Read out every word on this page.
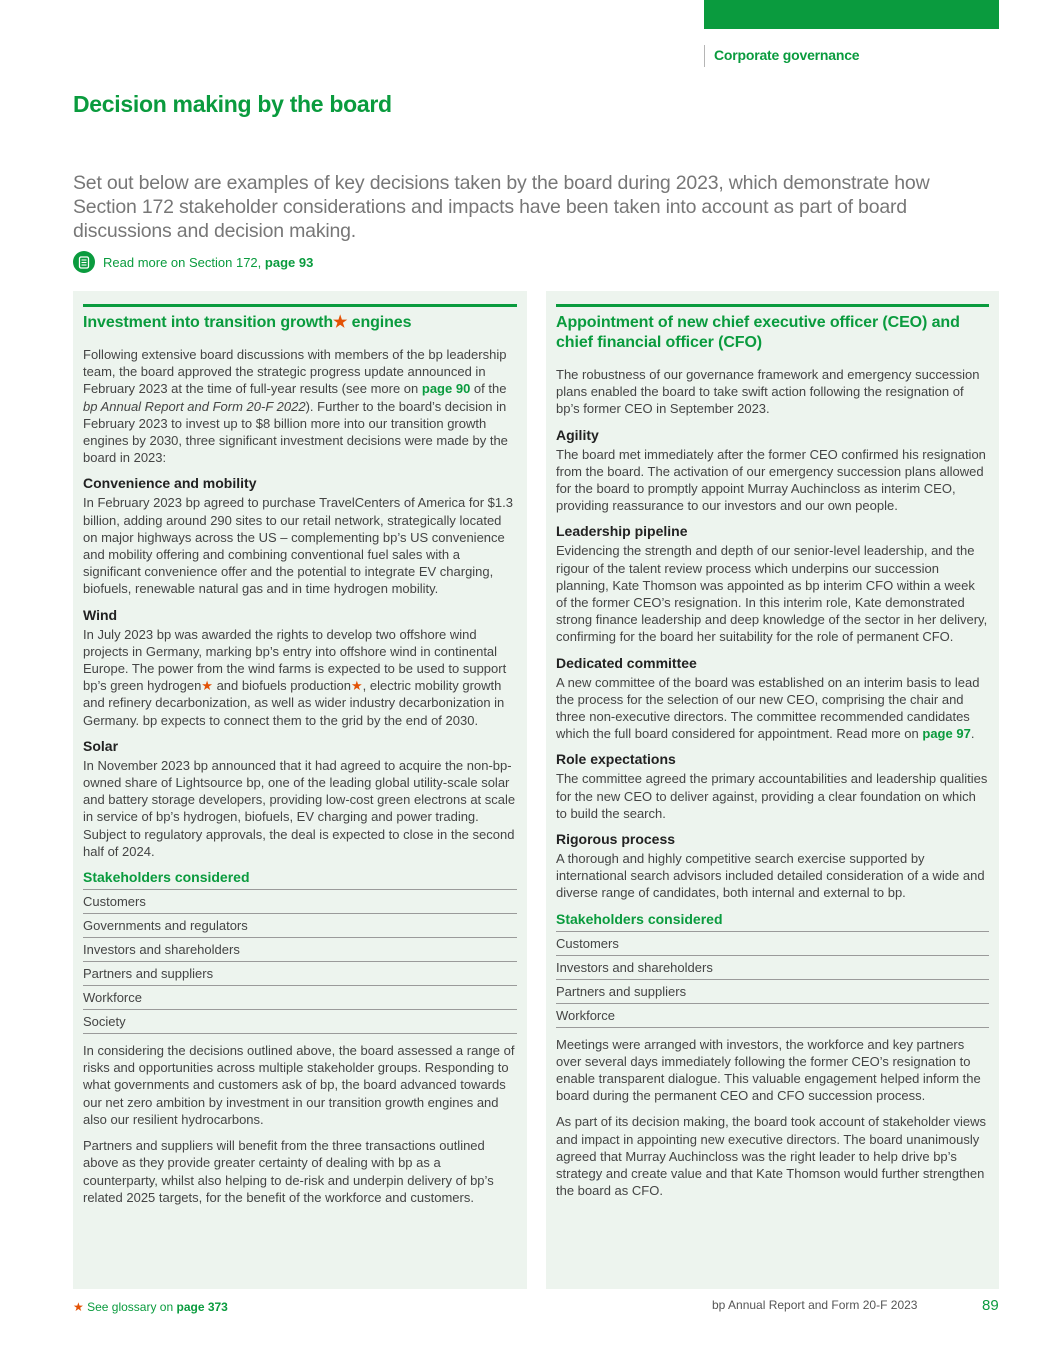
Corporate governance
Decision making by the board
Set out below are examples of key decisions taken by the board during 2023, which demonstrate how Section 172 stakeholder considerations and impacts have been taken into account as part of board discussions and decision making.
Read more on Section 172,
page 93
Investment into transition growth★ engines

Following extensive board discussions with members of the bp leadership team, the board approved the strategic progress update announced in February 2023 at the time of full-year results (see more on page 90 of the bp Annual Report and Form 20-F 2022). Further to the board’s decision in February 2023 to invest up to $8 billion more into our transition growth engines by 2030, three significant investment decisions were made by the board in 2023:

Convenience and mobility

In February 2023 bp agreed to purchase TravelCenters of America for $1.3 billion, adding around 290 sites to our retail network, strategically located on major highways across the US – complementing bp’s US convenience and mobility offering and combining conventional fuel sales with a significant convenience offer and the potential to integrate EV charging, biofuels, renewable natural gas and in time hydrogen mobility.

Wind

In July 2023 bp was awarded the rights to develop two offshore wind projects in Germany, marking bp’s entry into offshore wind in continental Europe. The power from the wind farms is expected to be used to support bp’s green hydrogen★ and biofuels production★, electric mobility growth and refinery decarbonization, as well as wider industry decarbonization in Germany. bp expects to connect them to the grid by the end of 2030.

Solar

In November 2023 bp announced that it had agreed to acquire the non-bp-owned share of Lightsource bp, one of the leading global utility-scale solar and battery storage developers, providing low-cost green electrons at scale in service of bp’s hydrogen, biofuels, EV charging and power trading. Subject to regulatory approvals, the deal is expected to close in the second half of 2024.

Stakeholders considered
Customers
Governments and regulators
Investors and shareholders
Partners and suppliers
Workforce
Society

In considering the decisions outlined above, the board assessed a range of risks and opportunities across multiple stakeholder groups. Responding to what governments and customers ask of bp, the board advanced towards our net zero ambition by investment in our transition growth engines and also our resilient hydrocarbons.

Partners and suppliers will benefit from the three transactions outlined above as they provide greater certainty of dealing with bp as a counterparty, whilst also helping to de-risk and underpin delivery of bp’s related 2025 targets, for the benefit of the workforce and customers.

Appointment of new chief executive officer (CEO) and chief financial officer (CFO)

The robustness of our governance framework and emergency succession plans enabled the board to take swift action following the resignation of bp’s former CEO in September 2023.

Agility

The board met immediately after the former CEO confirmed his resignation from the board. The activation of our emergency succession plans allowed for the board to promptly appoint Murray Auchincloss as interim CEO, providing reassurance to our investors and our own people.

Leadership pipeline

Evidencing the strength and depth of our senior-level leadership, and the rigour of the talent review process which underpins our succession planning, Kate Thomson was appointed as bp interim CFO within a week of the former CEO’s resignation. In this interim role, Kate demonstrated strong finance leadership and deep knowledge of the sector in her delivery, confirming for the board her suitability for the role of permanent CFO.

Dedicated committee

A new committee of the board was established on an interim basis to lead the process for the selection of our new CEO, comprising the chair and three non-executive directors. The committee recommended candidates which the full board considered for appointment. Read more on page 97.

Role expectations

The committee agreed the primary accountabilities and leadership qualities for the new CEO to deliver against, providing a clear foundation on which to build the search.

Rigorous process

A thorough and highly competitive search exercise supported by international search advisors included detailed consideration of a wide and diverse range of candidates, both internal and external to bp.

Stakeholders considered
Customers
Investors and shareholders
Partners and suppliers
Workforce

Meetings were arranged with investors, the workforce and key partners over several days immediately following the former CEO’s resignation to enable transparent dialogue. This valuable engagement helped inform the board during the permanent CEO and CFO succession process.

As part of its decision making, the board took account of stakeholder views and impact in appointing new executive directors. The board unanimously agreed that Murray Auchincloss was the right leader to help drive bp’s strategy and create value and that Kate Thomson would further strengthen the board as CFO.

★ See glossary on page 373	bp Annual Report and Form 20-F 2023	89
